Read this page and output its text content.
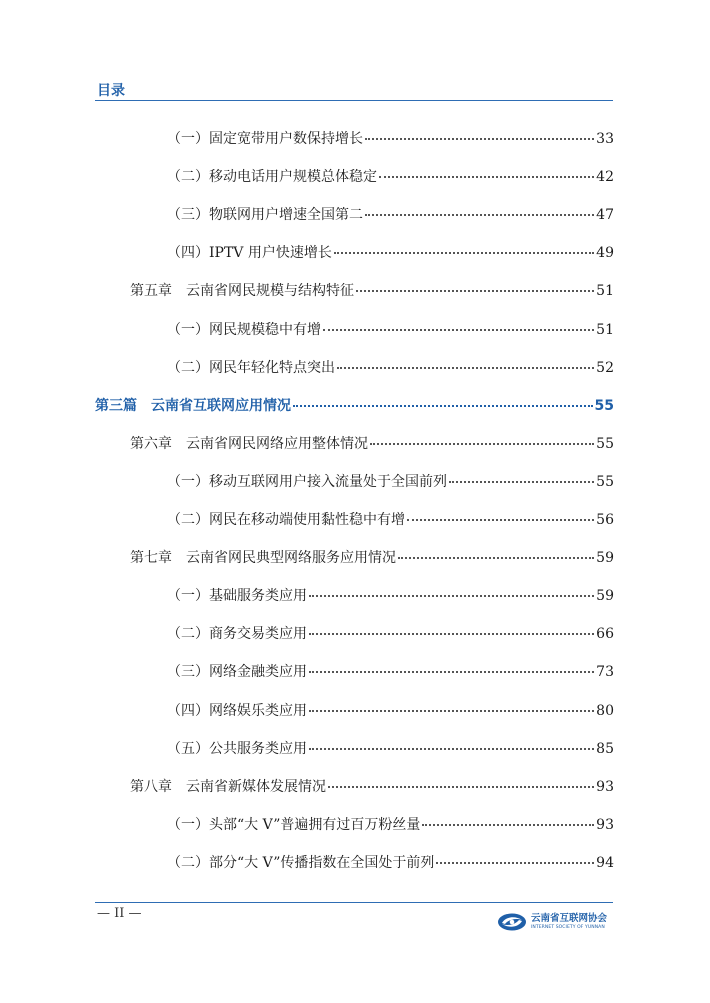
目录
（一）固定宽带用户数保持增长	33
（二）移动电话用户规模总体稳定	42
（三）物联网用户增速全国第二	47
（四）IPTV 用户快速增长	49
第五章　云南省网民规模与结构特征	51
（一）网民规模稳中有增	51
（二）网民年轻化特点突出	52
第三篇　云南省互联网应用情况	55
第六章　云南省网民网络应用整体情况	55
（一）移动互联网用户接入流量处于全国前列	55
（二）网民在移动端使用黏性稳中有增	56
第七章　云南省网民典型网络服务应用情况	59
（一）基础服务类应用	59
（二）商务交易类应用	66
（三）网络金融类应用	73
（四）网络娱乐类应用	80
（五）公共服务类应用	85
第八章　云南省新媒体发展情况	93
（一）头部“大 V”普遍拥有过百万粉丝量	93
（二）部分“大 V”传播指数在全国处于前列	94
— II —	云南省互联网协会
INTERNET SOCIETY OF YUNNAN
